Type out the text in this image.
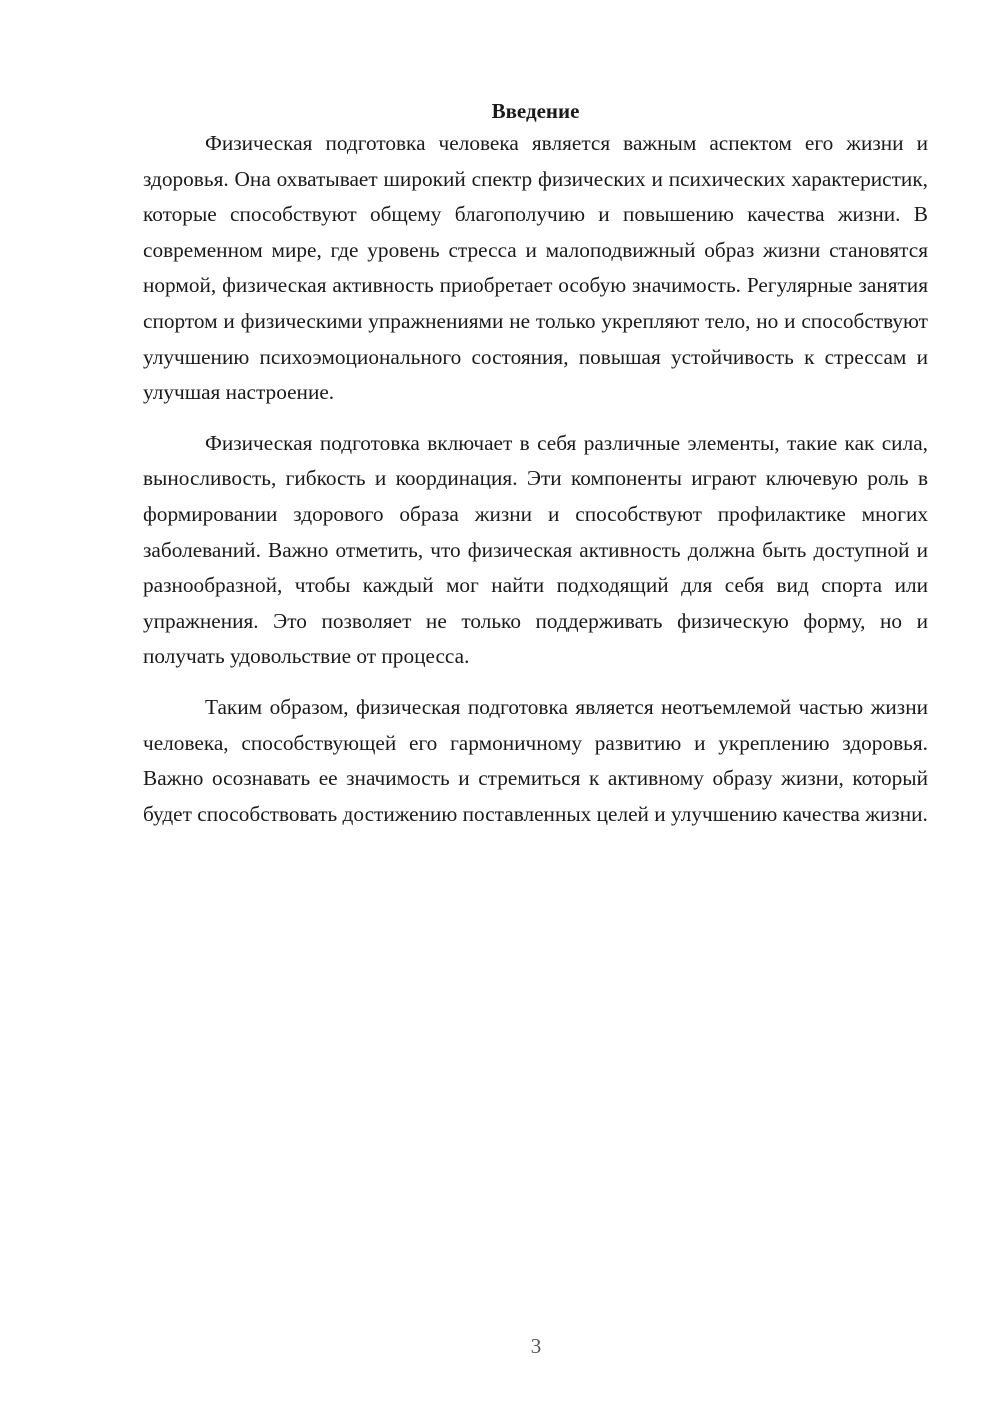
Введение

Физическая подготовка человека является важным аспектом его жизни и здоровья. Она охватывает широкий спектр физических и психических характеристик, которые способствуют общему благополучию и повышению качества жизни. В современном мире, где уровень стресса и малоподвижный образ жизни становятся нормой, физическая активность приобретает особую значимость. Регулярные занятия спортом и физическими упражнениями не только укрепляют тело, но и способствуют улучшению психоэмоционального состояния, повышая устойчивость к стрессам и улучшая настроение.

Физическая подготовка включает в себя различные элементы, такие как сила, выносливость, гибкость и координация. Эти компоненты играют ключевую роль в формировании здорового образа жизни и способствуют профилактике многих заболеваний. Важно отметить, что физическая активность должна быть доступной и разнообразной, чтобы каждый мог найти подходящий для себя вид спорта или упражнения. Это позволяет не только поддерживать физическую форму, но и получать удовольствие от процесса.

Таким образом, физическая подготовка является неотъемлемой частью жизни человека, способствующей его гармоничному развитию и укреплению здоровья. Важно осознавать ее значимость и стремиться к активному образу жизни, который будет способствовать достижению поставленных целей и улучшению качества жизни.

3
